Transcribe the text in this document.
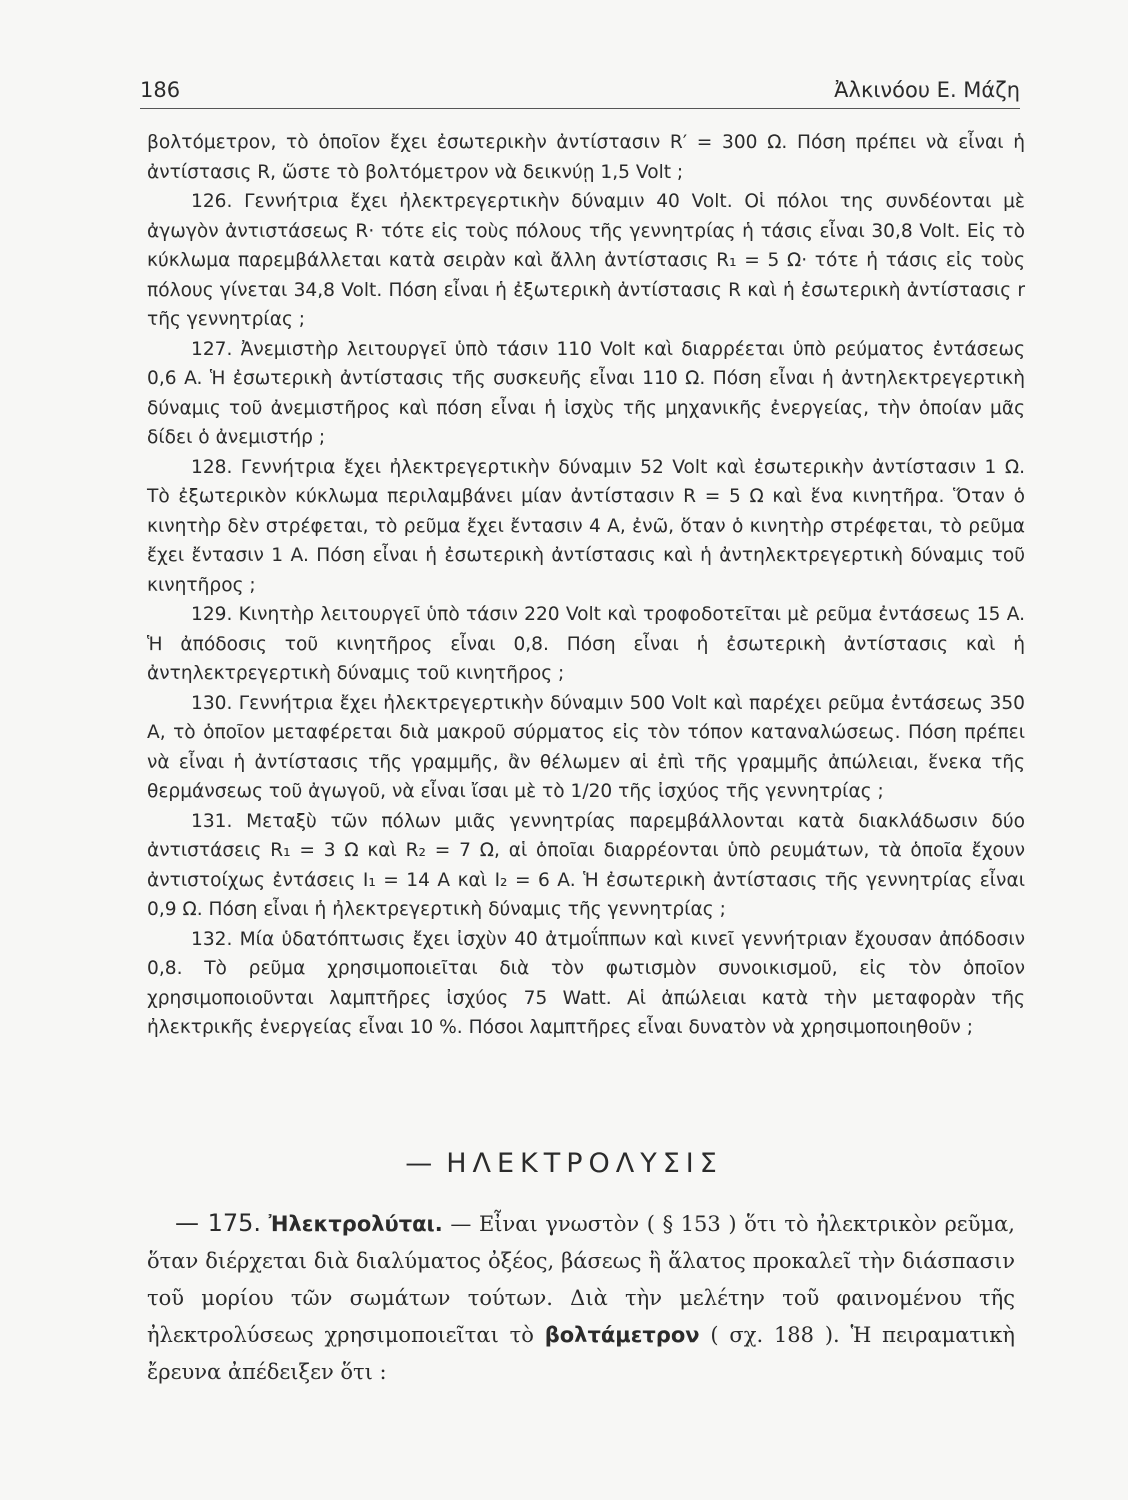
186	Ἀλκινόου Ε. Μάζη

βολτόμετρον, τὸ ὁποῖον ἔχει ἐσωτερικὴν ἀντίστασιν R′ = 300 Ω. Πόση πρέπει νὰ εἶναι ἡ ἀντίστασις R, ὥστε τὸ βολτόμετρον νὰ δεικνύῃ 1,5 Volt ;

126. Γεννήτρια ἔχει ἠλεκτρεγερτικὴν δύναμιν 40 Volt. Οἱ πόλοι της συνδέονται μὲ ἀγωγὸν ἀντιστάσεως R· τότε εἰς τοὺς πόλους τῆς γεννητρίας ἡ τάσις εἶναι 30,8 Volt. Εἰς τὸ κύκλωμα παρεμβάλλεται κατὰ σειρὰν καὶ ἄλλη ἀντίστασις R₁ = 5 Ω· τότε ἡ τάσις εἰς τοὺς πόλους γίνεται 34,8 Volt. Πόση εἶναι ἡ ἐξωτερικὴ ἀντίστασις R καὶ ἡ ἐσωτερικὴ ἀντίστασις r τῆς γεννητρίας ;

127. Ἀνεμιστὴρ λειτουργεῖ ὑπὸ τάσιν 110 Volt καὶ διαρρέεται ὑπὸ ρεύματος ἐντάσεως 0,6 A. Ἡ ἐσωτερικὴ ἀντίστασις τῆς συσκευῆς εἶναι 110 Ω. Πόση εἶναι ἡ ἀντηλεκτρεγερτικὴ δύναμις τοῦ ἀνεμιστῆρος καὶ πόση εἶναι ἡ ἰσχὺς τῆς μηχανικῆς ἐνεργείας, τὴν ὁποίαν μᾶς δίδει ὁ ἀνεμιστήρ ;

128. Γεννήτρια ἔχει ἠλεκτρεγερτικὴν δύναμιν 52 Volt καὶ ἐσωτερικὴν ἀντίστασιν 1 Ω. Τὸ ἐξωτερικὸν κύκλωμα περιλαμβάνει μίαν ἀντίστασιν R = 5 Ω καὶ ἕνα κινητῆρα. Ὅταν ὁ κινητὴρ δὲν στρέφεται, τὸ ρεῦμα ἔχει ἔντασιν 4 A, ἐνῶ, ὅταν ὁ κινητὴρ στρέφεται, τὸ ρεῦμα ἔχει ἔντασιν 1 A. Πόση εἶναι ἡ ἐσωτερικὴ ἀντίστασις καὶ ἡ ἀντηλεκτρεγερτικὴ δύναμις τοῦ κινητῆρος ;

129. Κινητὴρ λειτουργεῖ ὑπὸ τάσιν 220 Volt καὶ τροφοδοτεῖται μὲ ρεῦμα ἐντάσεως 15 A. Ἡ ἀπόδοσις τοῦ κινητῆρος εἶναι 0,8. Πόση εἶναι ἡ ἐσωτερικὴ ἀντίστασις καὶ ἡ ἀντηλεκτρεγερτικὴ δύναμις τοῦ κινητῆρος ;

130. Γεννήτρια ἔχει ἠλεκτρεγερτικὴν δύναμιν 500 Volt καὶ παρέχει ρεῦμα ἐντάσεως 350 A, τὸ ὁποῖον μεταφέρεται διὰ μακροῦ σύρματος εἰς τὸν τόπον καταναλώσεως. Πόση πρέπει νὰ εἶναι ἡ ἀντίστασις τῆς γραμμῆς, ἂν θέλωμεν αἱ ἐπὶ τῆς γραμμῆς ἀπώλειαι, ἕνεκα τῆς θερμάνσεως τοῦ ἀγωγοῦ, νὰ εἶναι ἴσαι μὲ τὸ 1/20 τῆς ἰσχύος τῆς γεννητρίας ;

131. Μεταξὺ τῶν πόλων μιᾶς γεννητρίας παρεμβάλλονται κατὰ διακλάδωσιν δύο ἀντιστάσεις R₁ = 3 Ω καὶ R₂ = 7 Ω, αἱ ὁποῖαι διαρρέονται ὑπὸ ρευμάτων, τὰ ὁποῖα ἔχουν ἀντιστοίχως ἐντάσεις I₁ = 14 A καὶ I₂ = 6 A. Ἡ ἐσωτερικὴ ἀντίστασις τῆς γεννητρίας εἶναι 0,9 Ω. Πόση εἶναι ἡ ἠλεκτρεγερτικὴ δύναμις τῆς γεννητρίας ;

132. Μία ὑδατόπτωσις ἔχει ἰσχὺν 40 ἀτμοΐππων καὶ κινεῖ γεννήτριαν ἔχουσαν ἀπόδοσιν 0,8. Τὸ ρεῦμα χρησιμοποιεῖται διὰ τὸν φωτισμὸν συνοικισμοῦ, εἰς τὸν ὁποῖον χρησιμοποιοῦνται λαμπτῆρες ἰσχύος 75 Watt. Αἱ ἀπώλειαι κατὰ τὴν μεταφορὰν τῆς ἠλεκτρικῆς ἐνεργείας εἶναι 10 %. Πόσοι λαμπτῆρες εἶναι δυνατὸν νὰ χρησιμοποιηθοῦν ;

— ΗΛΕΚΤΡΟΛΥΣΙΣ
— 175. Ἠλεκτρολύται. — Εἶναι γνωστὸν ( § 153 ) ὅτι τὸ ἠλεκτρικὸν ρεῦμα, ὅταν διέρχεται διὰ διαλύματος ὀξέος, βάσεως ἢ ἅλατος προκαλεῖ τὴν διάσπασιν τοῦ μορίου τῶν σωμάτων τούτων. Διὰ τὴν μελέτην τοῦ φαινομένου τῆς ἠλεκτρολύσεως χρησιμοποιεῖται τὸ βολτάμετρον ( σχ. 188 ). Ἡ πειραματικὴ ἔρευνα ἀπέδειξεν ὅτι :
